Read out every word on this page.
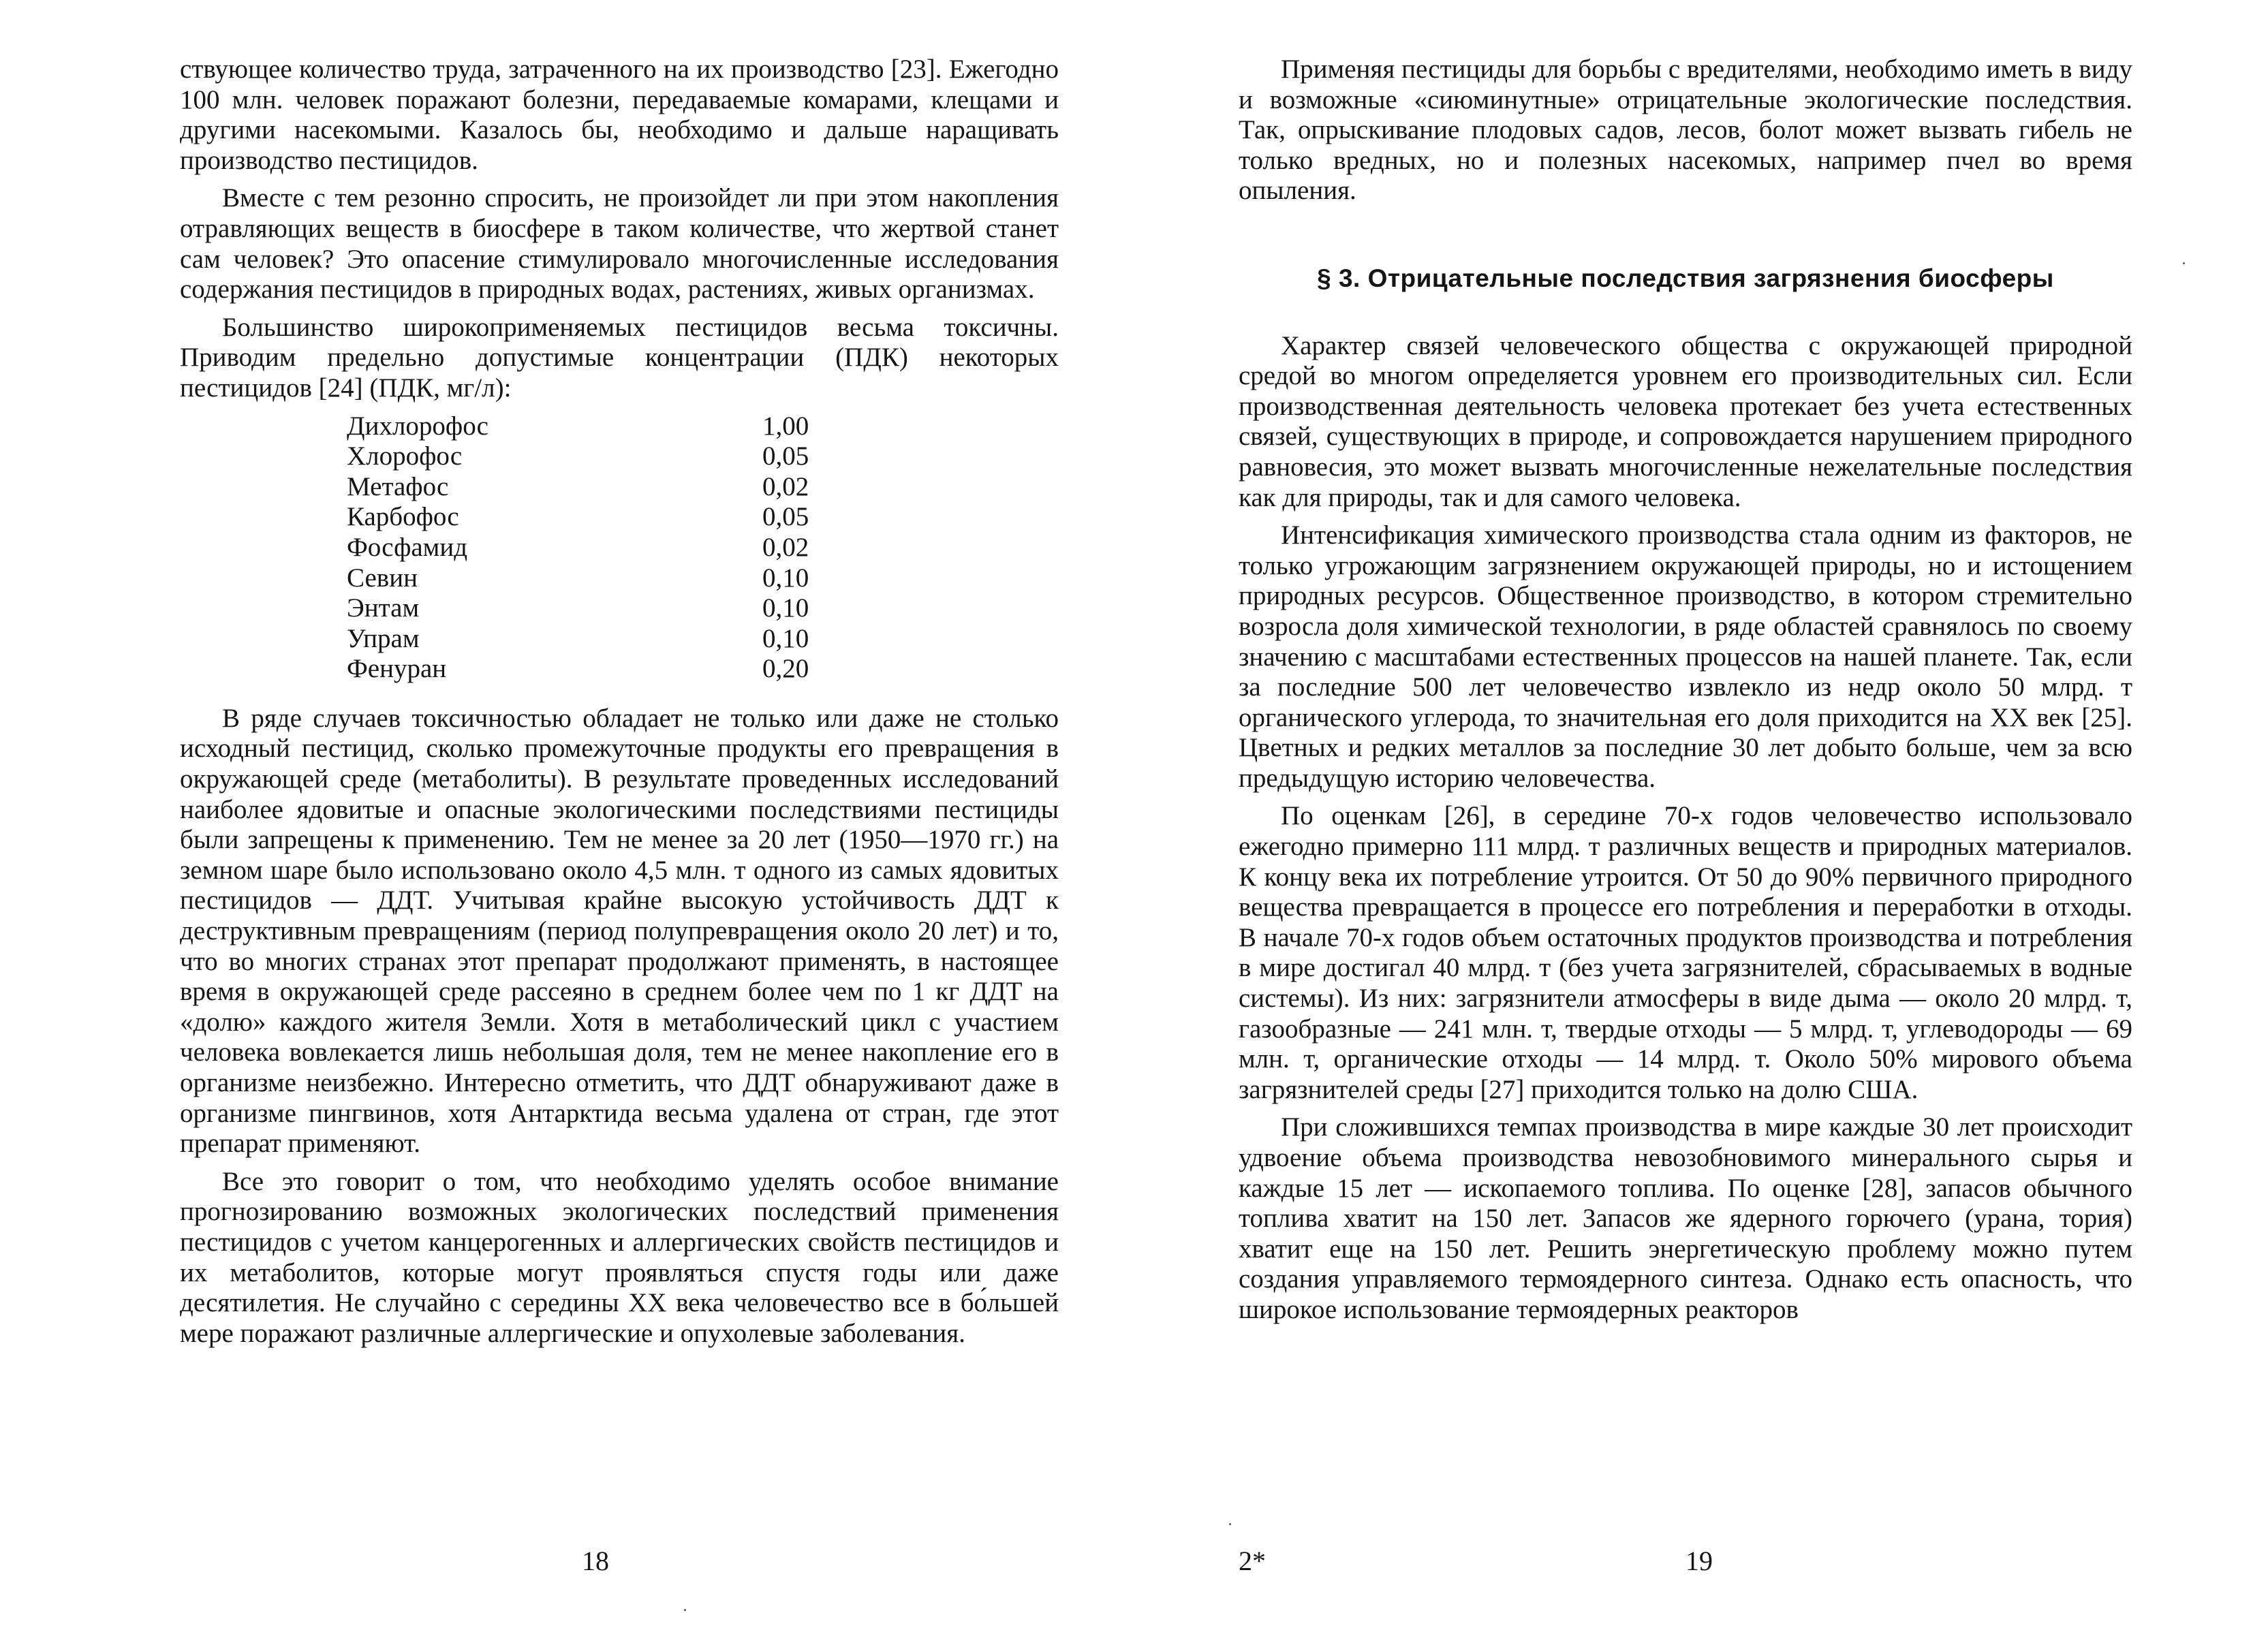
ствующее количество труда, затраченного на их производство [23]. Ежегодно 100 млн. человек поражают болезни, передаваемые комарами, клещами и другими насекомыми. Казалось бы, необходимо и дальше наращивать производство пестицидов.

Вместе с тем резонно спросить, не произойдет ли при этом накопления отравляющих веществ в биосфере в таком количестве, что жертвой станет сам человек? Это опасение стимулировало многочисленные исследования содержания пестицидов в природных водах, растениях, живых организмах.

Большинство широкоприменяемых пестицидов весьма токсичны. Приводим предельно допустимые концентрации (ПДК) некоторых пестицидов [24] (ПДК, мг/л):

Дихлорофос	1,00
Хлорофос	0,05
Метафос	0,02
Карбофос	0,05
Фосфамид	0,02
Севин	0,10
Энтам	0,10
Упрам	0,10
Фенуран	0,20

В ряде случаев токсичностью обладает не только или даже не столько исходный пестицид, сколько промежуточные продукты его превращения в окружающей среде (метаболиты). В результате проведенных исследований наиболее ядовитые и опасные экологическими последствиями пестициды были запрещены к применению. Тем не менее за 20 лет (1950—1970 гг.) на земном шаре было использовано около 4,5 млн. т одного из самых ядовитых пестицидов — ДДТ. Учитывая крайне высокую устойчивость ДДТ к деструктивным превращениям (период полупревращения около 20 лет) и то, что во многих странах этот препарат продолжают применять, в настоящее время в окружающей среде рассеяно в среднем более чем по 1 кг ДДТ на «долю» каждого жителя Земли. Хотя в метаболический цикл с участием человека вовлекается лишь небольшая доля, тем не менее накопление его в организме неизбежно. Интересно отметить, что ДДТ обнаруживают даже в организме пингвинов, хотя Антарктида весьма удалена от стран, где этот препарат применяют.

Все это говорит о том, что необходимо уделять особое внимание прогнозированию возможных экологических последствий применения пестицидов с учетом канцерогенных и аллергических свойств пестицидов и их метаболитов, которые могут проявляться спустя годы или даже десятилетия. Не случайно с середины XX века человечество все в бо́льшей мере поражают различные аллергические и опухолевые заболевания.

18

Применяя пестициды для борьбы с вредителями, необходимо иметь в виду и возможные «сиюминутные» отрицательные экологические последствия. Так, опрыскивание плодовых садов, лесов, болот может вызвать гибель не только вредных, но и полезных насекомых, например пчел во время опыления.

§ 3. Отрицательные последствия загрязнения биосферы

Характер связей человеческого общества с окружающей природной средой во многом определяется уровнем его производительных сил. Если производственная деятельность человека протекает без учета естественных связей, существующих в природе, и сопровождается нарушением природного равновесия, это может вызвать многочисленные нежелательные последствия как для природы, так и для самого человека.

Интенсификация химического производства стала одним из факторов, не только угрожающим загрязнением окружающей природы, но и истощением природных ресурсов. Общественное производство, в котором стремительно возросла доля химической технологии, в ряде областей сравнялось по своему значению с масштабами естественных процессов на нашей планете. Так, если за последние 500 лет человечество извлекло из недр около 50 млрд. т органического углерода, то значительная его доля приходится на XX век [25]. Цветных и редких металлов за последние 30 лет добыто больше, чем за всю предыдущую историю человечества.

По оценкам [26], в середине 70-х годов человечество использовало ежегодно примерно 111 млрд. т различных веществ и природных материалов. К концу века их потребление утроится. От 50 до 90% первичного природного вещества превращается в процессе его потребления и переработки в отходы. В начале 70-х годов объем остаточных продуктов производства и потребления в мире достигал 40 млрд. т (без учета загрязнителей, сбрасываемых в водные системы). Из них: загрязнители атмосферы в виде дыма — около 20 млрд. т, газообразные — 241 млн. т, твердые отходы — 5 млрд. т, углеводороды — 69 млн. т, органические отходы — 14 млрд. т. Около 50% мирового объема загрязнителей среды [27] приходится только на долю США.

При сложившихся темпах производства в мире каждые 30 лет происходит удвоение объема производства невозобновимого минерального сырья и каждые 15 лет — ископаемого топлива. По оценке [28], запасов обычного топлива хватит на 150 лет. Запасов же ядерного горючего (урана, тория) хватит еще на 150 лет. Решить энергетическую проблему можно путем создания управляемого термоядерного синтеза. Однако есть опасность, что широкое использование термоядерных реакторов

2*	19
